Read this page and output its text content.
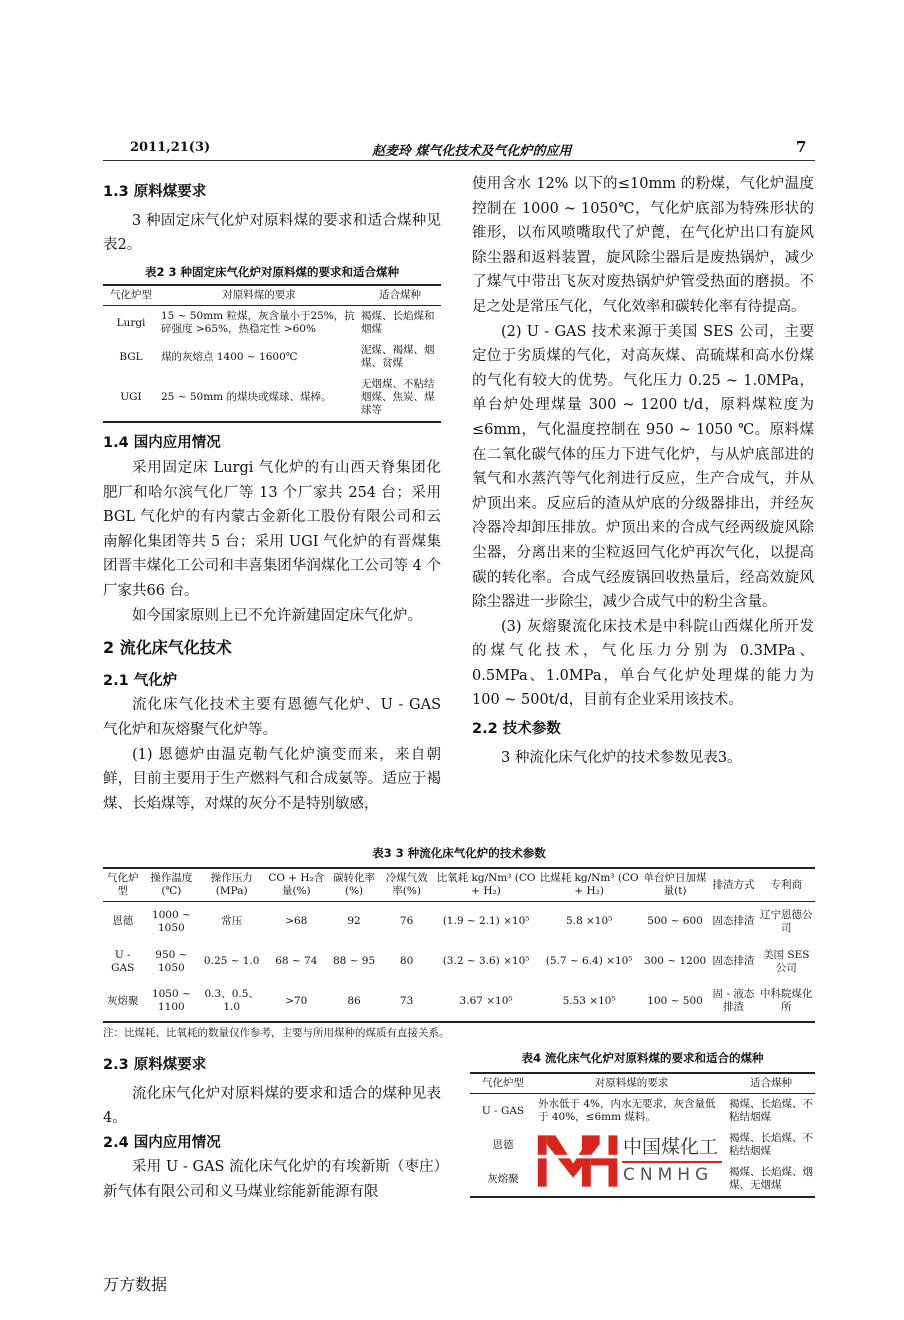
2011,21(3)	赵麦玲 煤气化技术及气化炉的应用	7
1.3 原料煤要求

3 种固定床气化炉对原料煤的要求和适合煤种见表2。

表2 3 种固定床气化炉对原料煤的要求和适合煤种
气化炉型	对原料煤的要求	适合煤种
Lurgi	15 ~ 50mm 粒煤，灰含量小于25%，抗碎强度 >65%，热稳定性 >60%	褐煤、长焰煤和烟煤
BGL	煤的灰熔点 1400 ~ 1600℃	泥煤、褐煤、烟煤、贫煤
UGI	25 ~ 50mm 的煤块或煤球、煤棒。	无烟煤、不粘结烟煤、焦炭、煤球等
1.4 国内应用情况

采用固定床 Lurgi 气化炉的有山西天脊集团化肥厂和哈尔滨气化厂等 13 个厂家共 254 台；采用 BGL 气化炉的有内蒙古金新化工股份有限公司和云南解化集团等共 5 台；采用 UGI 气化炉的有晋煤集团晋丰煤化工公司和丰喜集团华润煤化工公司等 4 个厂家共66 台。

如今国家原则上已不允许新建固定床气化炉。

2 流化床气化技术
2.1 气化炉

流化床气化技术主要有恩德气化炉、U - GAS 气化炉和灰熔聚气化炉等。

(1) 恩德炉由温克勒气化炉演变而来，来自朝鲜，目前主要用于生产燃料气和合成氨等。适应于褐煤、长焰煤等，对煤的灰分不是特别敏感，

使用含水 12% 以下的≤10mm 的粉煤，气化炉温度控制在 1000 ~ 1050℃，气化炉底部为特殊形状的锥形，以布风喷嘴取代了炉蓖，在气化炉出口有旋风除尘器和返料装置，旋风除尘器后是废热锅炉，减少了煤气中带出飞灰对废热锅炉炉管受热面的磨损。不足之处是常压气化，气化效率和碳转化率有待提高。

(2) U - GAS 技术来源于美国 SES 公司，主要定位于劣质煤的气化，对高灰煤、高硫煤和高水份煤的气化有较大的优势。气化压力 0.25 ~ 1.0MPa，单台炉处理煤量 300 ~ 1200 t/d，原料煤粒度为≤6mm，气化温度控制在 950 ~ 1050 ℃。原料煤在二氧化碳气体的压力下进气化炉，与从炉底部进的氧气和水蒸汽等气化剂进行反应，生产合成气，并从炉顶出来。反应后的渣从炉底的分级器排出，并经灰冷器冷却卸压排放。炉顶出来的合成气经两级旋风除尘器，分离出来的尘粒返回气化炉再次气化，以提高碳的转化率。合成气经废锅回收热量后，经高效旋风除尘器进一步除尘，减少合成气中的粉尘含量。

(3) 灰熔聚流化床技术是中科院山西煤化所开发的煤气化技术，气化压力分别为 0.3MPa、0.5MPa、1.0MPa，单台气化炉处理煤的能力为 100 ~ 500t/d，目前有企业采用该技术。

2.2 技术参数

3 种流化床气化炉的技术参数见表3。

表3 3 种流化床气化炉的技术参数
气化炉型	操作温度(℃)	操作压力(MPa)	CO + H₂含量(%)	碳转化率(%)	冷煤气效率(%)	比氧耗 kg/Nm³ (CO + H₂)	比煤耗 kg/Nm³ (CO + H₂)	单台炉日加煤量(t)	排渣方式	专利商
恩德	1000 ~ 1050	常压	>68	92	76	(1.9 ~ 2.1) ×10⁵	5.8 ×10⁵	500 ~ 600	固态排渣	辽宁恩德公司
U - GAS	950 ~ 1050	0.25 ~ 1.0	68 ~ 74	88 ~ 95	80	(3.2 ~ 3.6) ×10⁵	(5.7 ~ 6.4) ×10⁵	300 ~ 1200	固态排渣	美国 SES 公司
灰熔聚	1050 ~ 1100	0.3、0.5、1.0	>70	86	73	3.67 ×10⁵	5.53 ×10⁵	100 ~ 500	固 - 液态排渣	中科院煤化所
注：比煤耗、比氧耗的数量仅作参考，主要与所用煤种的煤质有直接关系。
2.3 原料煤要求

流化床气化炉对原料煤的要求和适合的煤种见表4。

2.4 国内应用情况

采用 U - GAS 流化床气化炉的有埃新斯（枣庄）新气体有限公司和义马煤业综能新能源有限

表4 流化床气化炉对原料煤的要求和适合的煤种
气化炉型	对原料煤的要求	适合煤种
U - GAS	外水低于 4%，内水无要求，灰含量低于 40%，≤6mm 煤料。	褐煤、长焰煤、不粘结烟煤
恩德		褐煤、长焰煤、不粘结烟煤
灰熔聚		褐煤、长焰煤、烟煤、无烟煤
中国煤化工
CNMHG
万方数据
